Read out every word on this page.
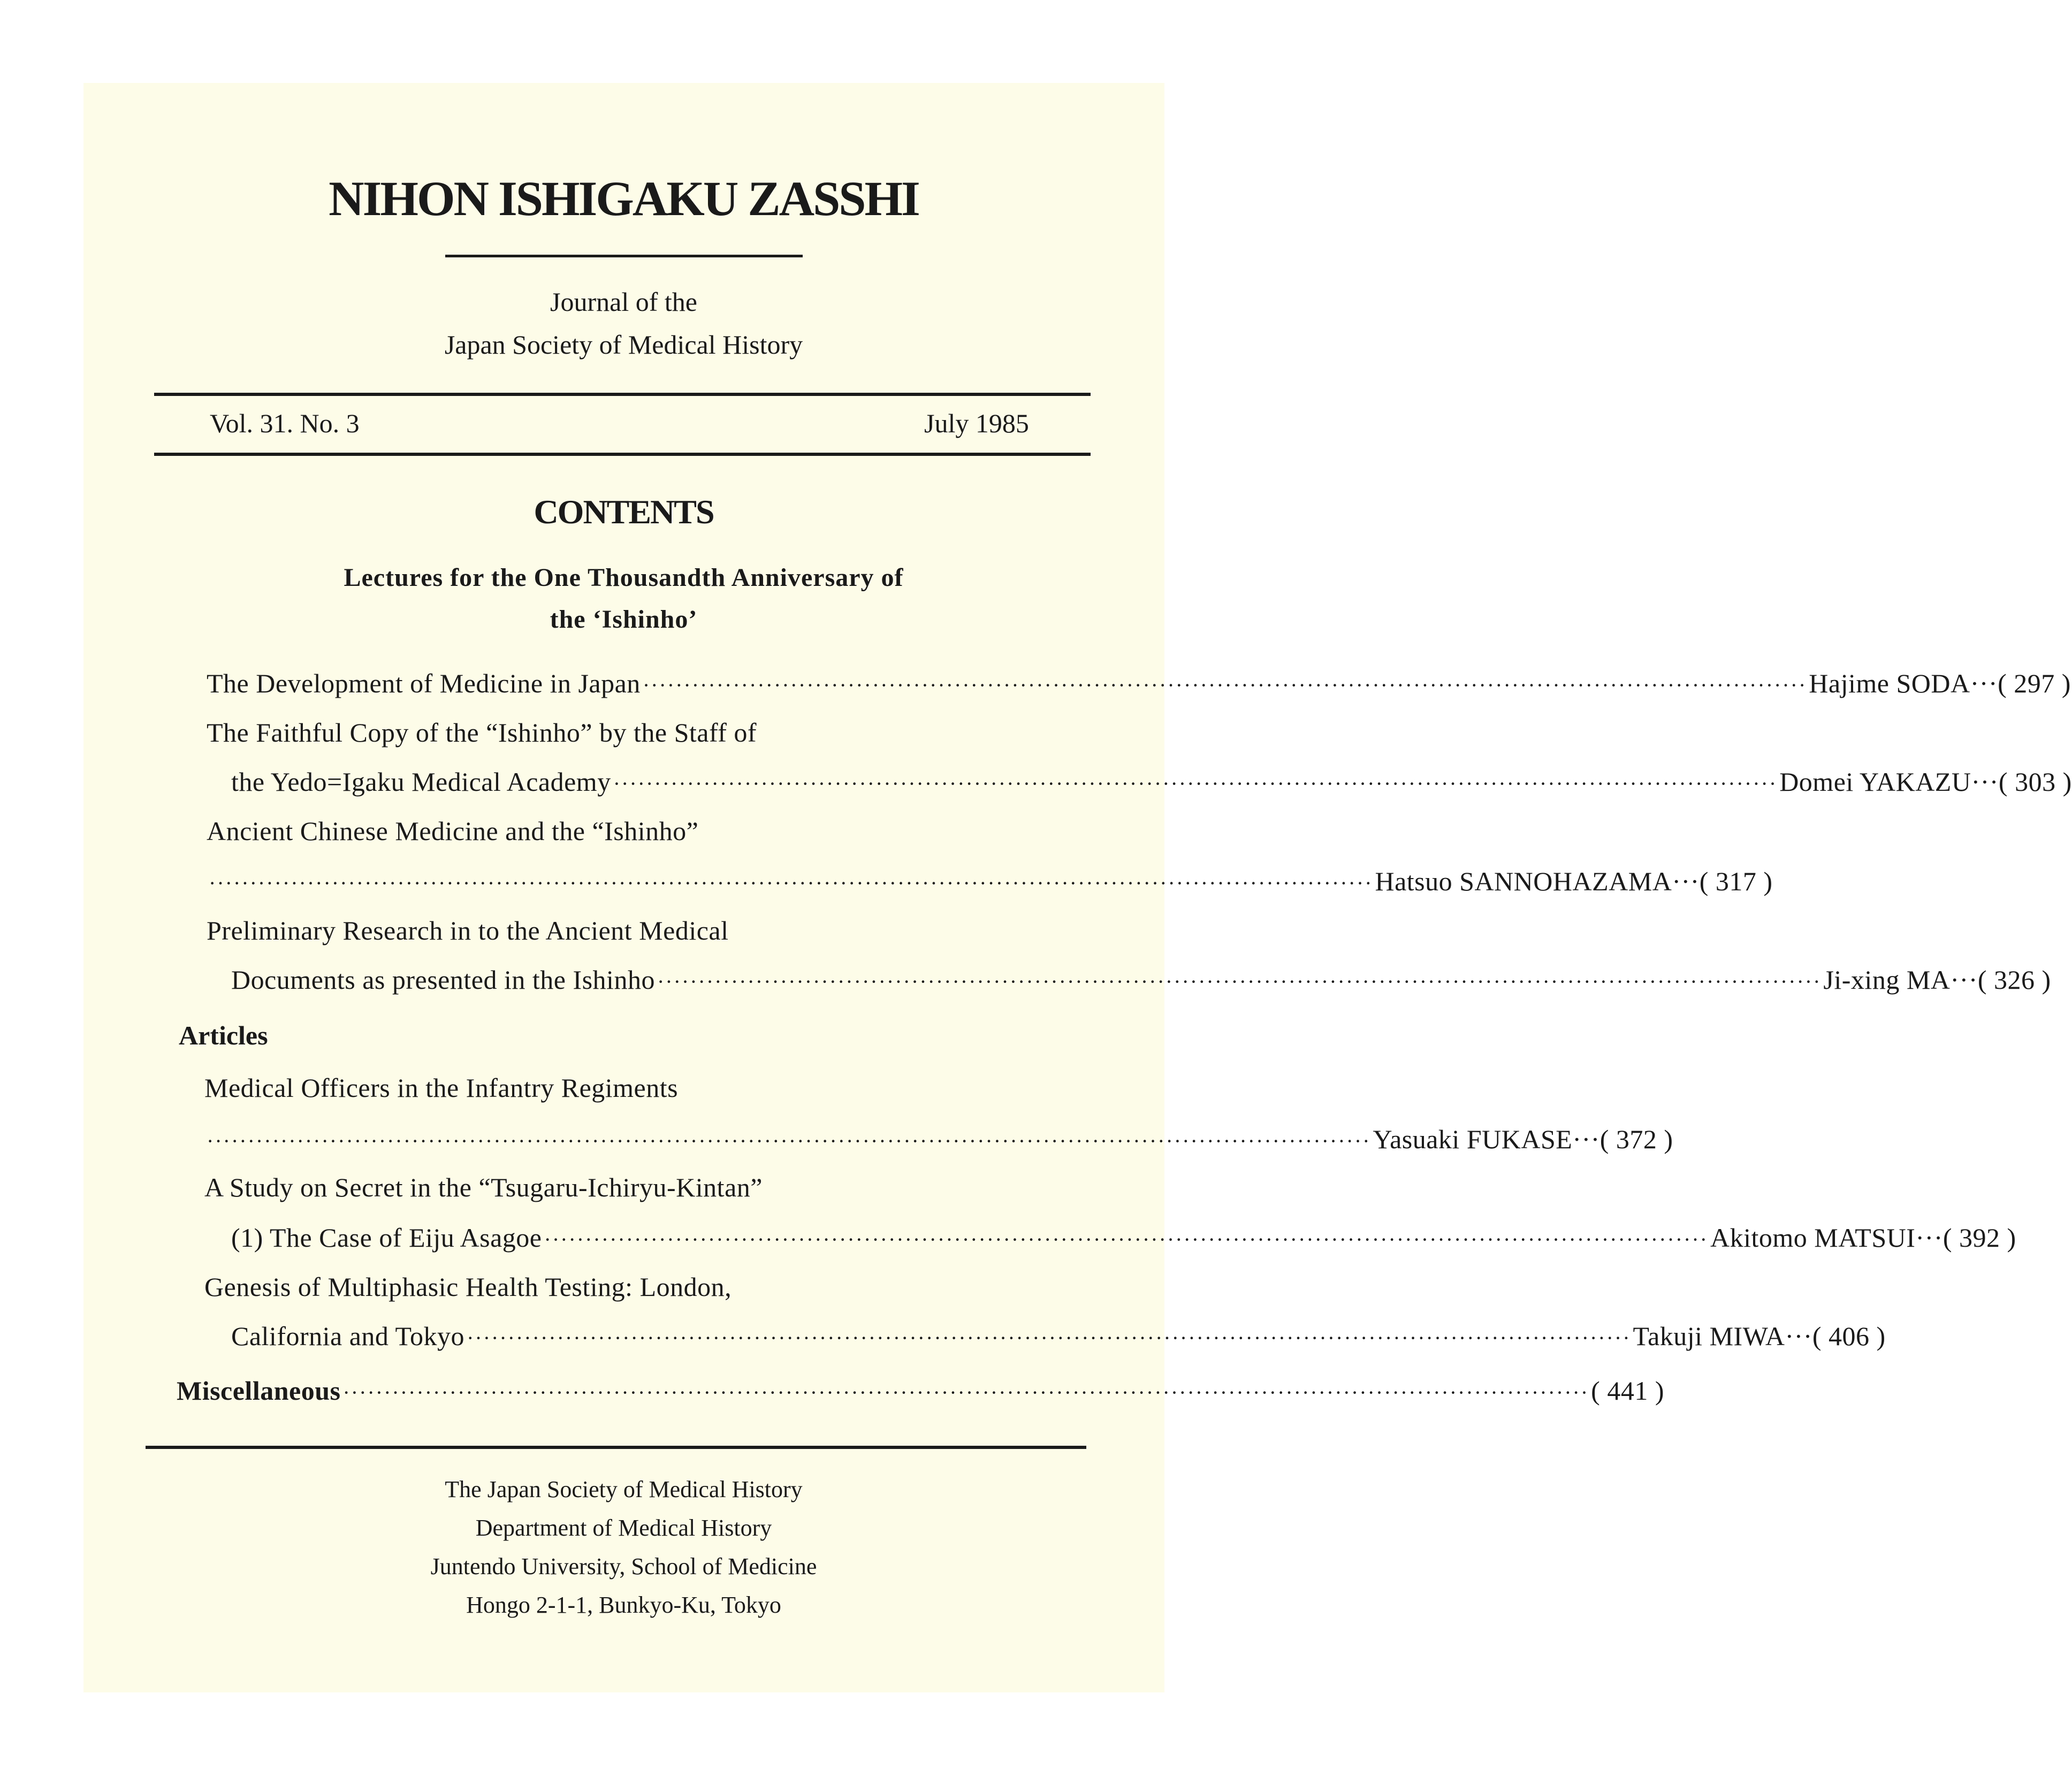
NIHON ISHIGAKU ZASSHI
Journal of the
Japan Society of Medical History
Vol. 31. No. 3	July 1985
CONTENTS
Lectures for the One Thousandth Anniversary of
the ‘Ishinho’
The Development of Medicine in Japan ·············································································································································· Hajime SODA···( 297 )
The Faithful Copy of the “Ishinho” by the Staff of
the Yedo=Igaku Medical Academy ·············································································································································· Domei YAKAZU···( 303 )
Ancient Chinese Medicine and the “Ishinho”
·············································································································································· Hatsuo SANNOHAZAMA···( 317 )
Preliminary Research in to the Ancient Medical
Documents as presented in the Ishinho ·············································································································································· Ji-xing MA···( 326 )
Articles
Medical Officers in the Infantry Regiments
·············································································································································· Yasuaki FUKASE···( 372 )
A Study on Secret in the “Tsugaru-Ichiryu-Kintan”
(1) The Case of Eiju Asagoe ·············································································································································· Akitomo MATSUI···( 392 )
Genesis of Multiphasic Health Testing: London,
California and Tokyo ·············································································································································· Takuji MIWA···( 406 )
Miscellaneous ························································································································································ ( 441 )
The Japan Society of Medical History
Department of Medical History
Juntendo University, School of Medicine
Hongo 2-1-1, Bunkyo-Ku, Tokyo
